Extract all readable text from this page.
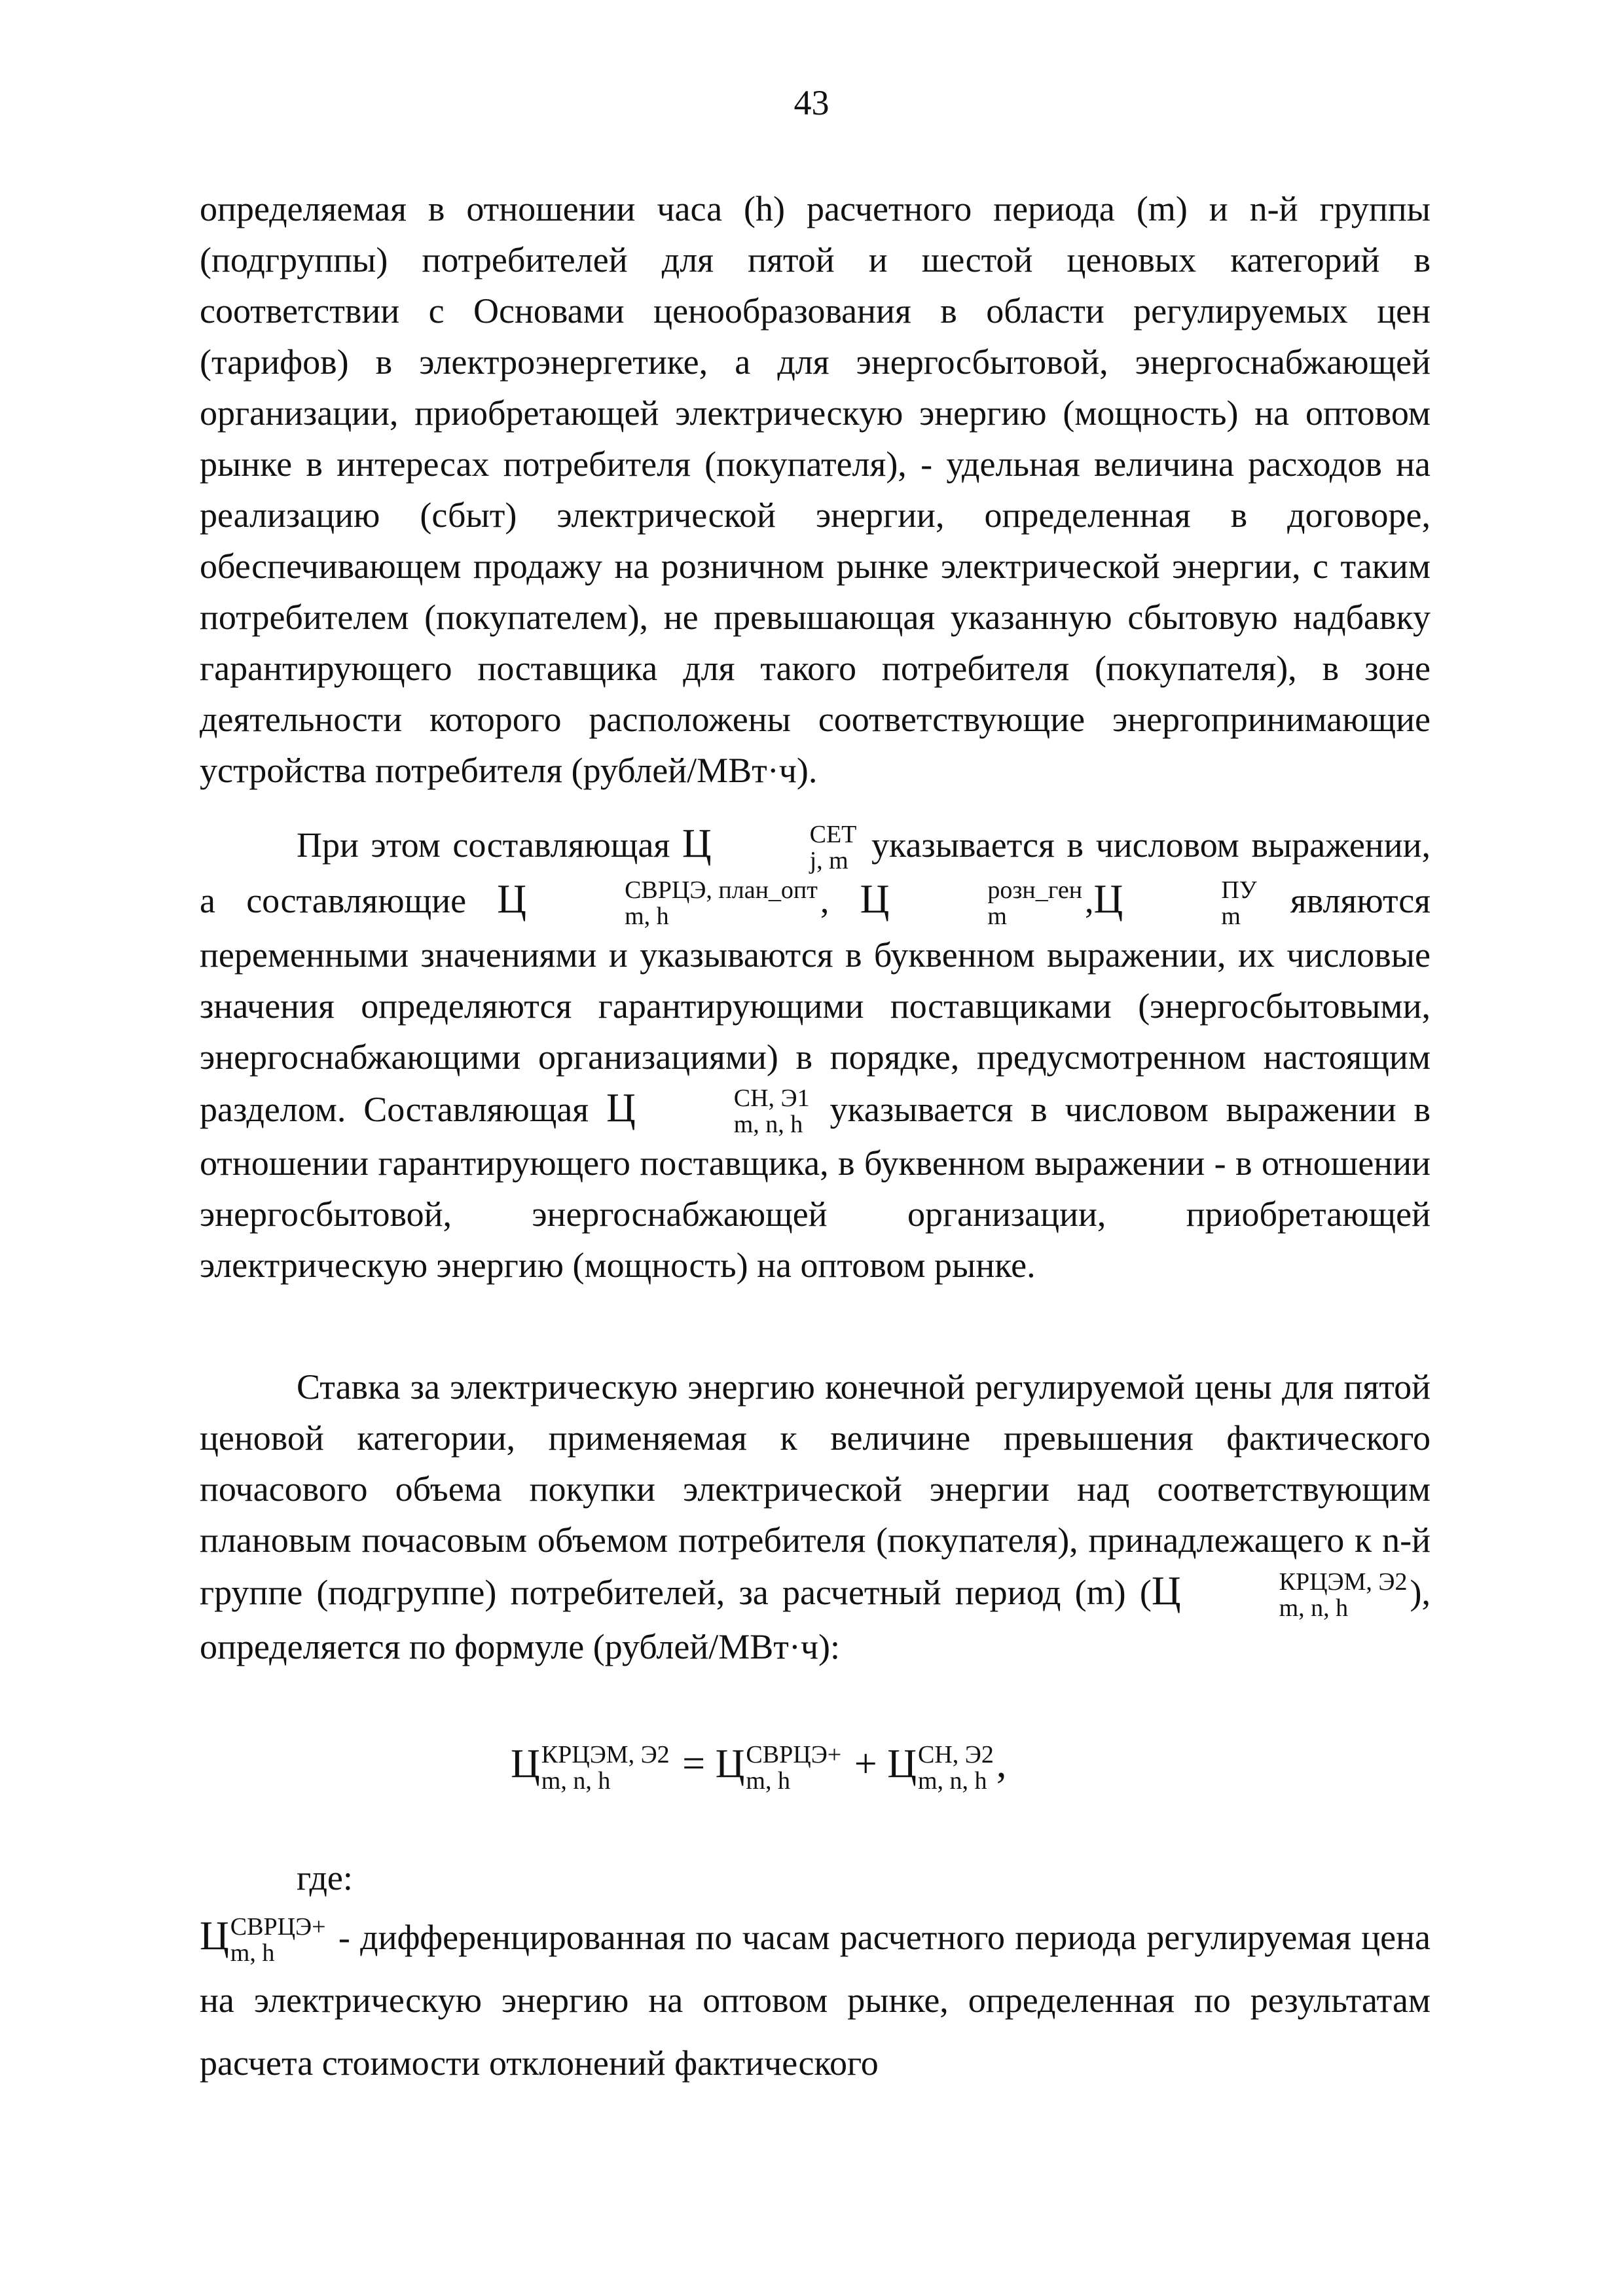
43

определяемая в отношении часа (h) расчетного периода (m) и n-й группы (подгруппы) потребителей для пятой и шестой ценовых категорий в соответствии с Основами ценообразования в области регулируемых цен (тарифов) в электроэнергетике, а для энергосбытовой, энергоснабжающей организации, приобретающей электрическую энергию (мощность) на оптовом рынке в интересах потребителя (покупателя), - удельная величина расходов на реализацию (сбыт) электрической энергии, определенная в договоре, обеспечивающем продажу на розничном рынке электрической энергии, с таким потребителем (покупателем), не превышающая указанную сбытовую надбавку гарантирующего поставщика для такого потребителя (покупателя), в зоне деятельности которого расположены соответствующие энергопринимающие устройства потребителя (рублей/МВт·ч).

При этом составляющая Ц	СЕТ
j, m указывается в числовом выражении, а составляющие Ц	СВРЦЭ, план_опт
m, h	, Ц	розн_ген
m	,Ц	ПУ
m	являются переменными значениями и указываются в буквенном выражении, их числовые значения определяются гарантирующими поставщиками (энергосбытовыми, энергоснабжающими организациями) в порядке, предусмотренном настоящим разделом. Составляющая Ц	СН, Э1
m, n, h указывается в числовом выражении в отношении гарантирующего поставщика, в буквенном выражении - в отношении энергосбытовой, энергоснабжающей организации, приобретающей электрическую энергию (мощность) на оптовом рынке.

Ставка за электрическую энергию конечной регулируемой цены для пятой ценовой категории, применяемая к величине превышения фактического почасового объема покупки электрической энергии над соответствующим плановым почасовым объемом потребителя (покупателя), принадлежащего к n-й группе (подгруппе) потребителей, за расчетный период (m) (Ц	КРЦЭМ, Э2
m, n, h	), определяется по формуле (рублей/МВт·ч):

Ц КРЦЭМ, Э2
m, n, h	= Ц СВРЦЭ+
m, h	+ Ц СН, Э2
m, n, h ,
где:
Ц СВРЦЭ+
m, h	- дифференцированная по часам расчетного периода регулируемая цена на электрическую энергию на оптовом рынке, определенная по результатам расчета стоимости отклонений фактического
